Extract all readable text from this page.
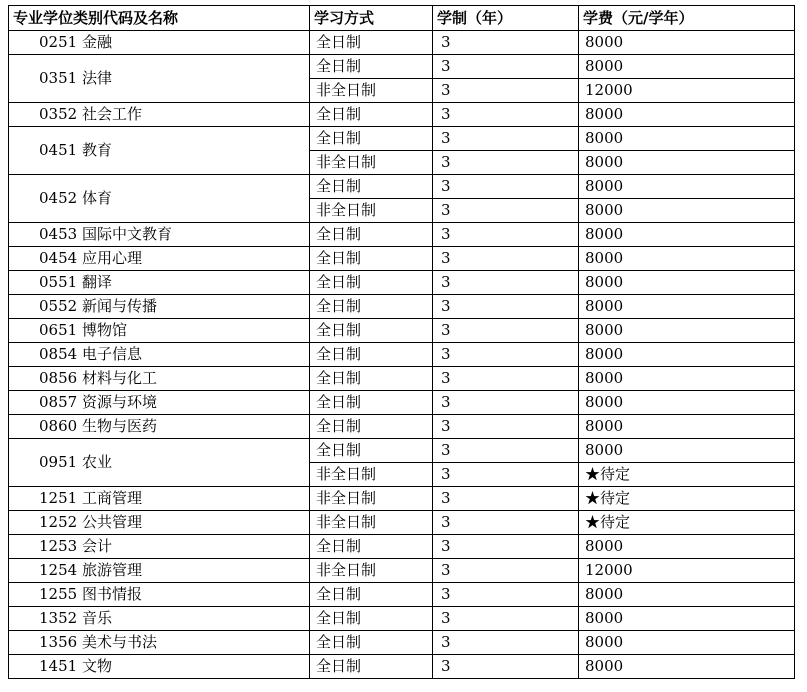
专业学位类别代码及名称	学习方式	学制（年）	学费（元/学年）
0251 金融	全日制	3	8000
0351 法律	全日制	3	8000
	非全日制	3	12000
0352 社会工作	全日制	3	8000
0451 教育	全日制	3	8000
	非全日制	3	8000
0452 体育	全日制	3	8000
	非全日制	3	8000
0453 国际中文教育	全日制	3	8000
0454 应用心理	全日制	3	8000
0551 翻译	全日制	3	8000
0552 新闻与传播	全日制	3	8000
0651 博物馆	全日制	3	8000
0854 电子信息	全日制	3	8000
0856 材料与化工	全日制	3	8000
0857 资源与环境	全日制	3	8000
0860 生物与医药	全日制	3	8000
0951 农业	全日制	3	8000
	非全日制	3	★待定
1251 工商管理	非全日制	3	★待定
1252 公共管理	非全日制	3	★待定
1253 会计	全日制	3	8000
1254 旅游管理	非全日制	3	12000
1255 图书情报	全日制	3	8000
1352 音乐	全日制	3	8000
1356 美术与书法	全日制	3	8000
1451 文物	全日制	3	8000
